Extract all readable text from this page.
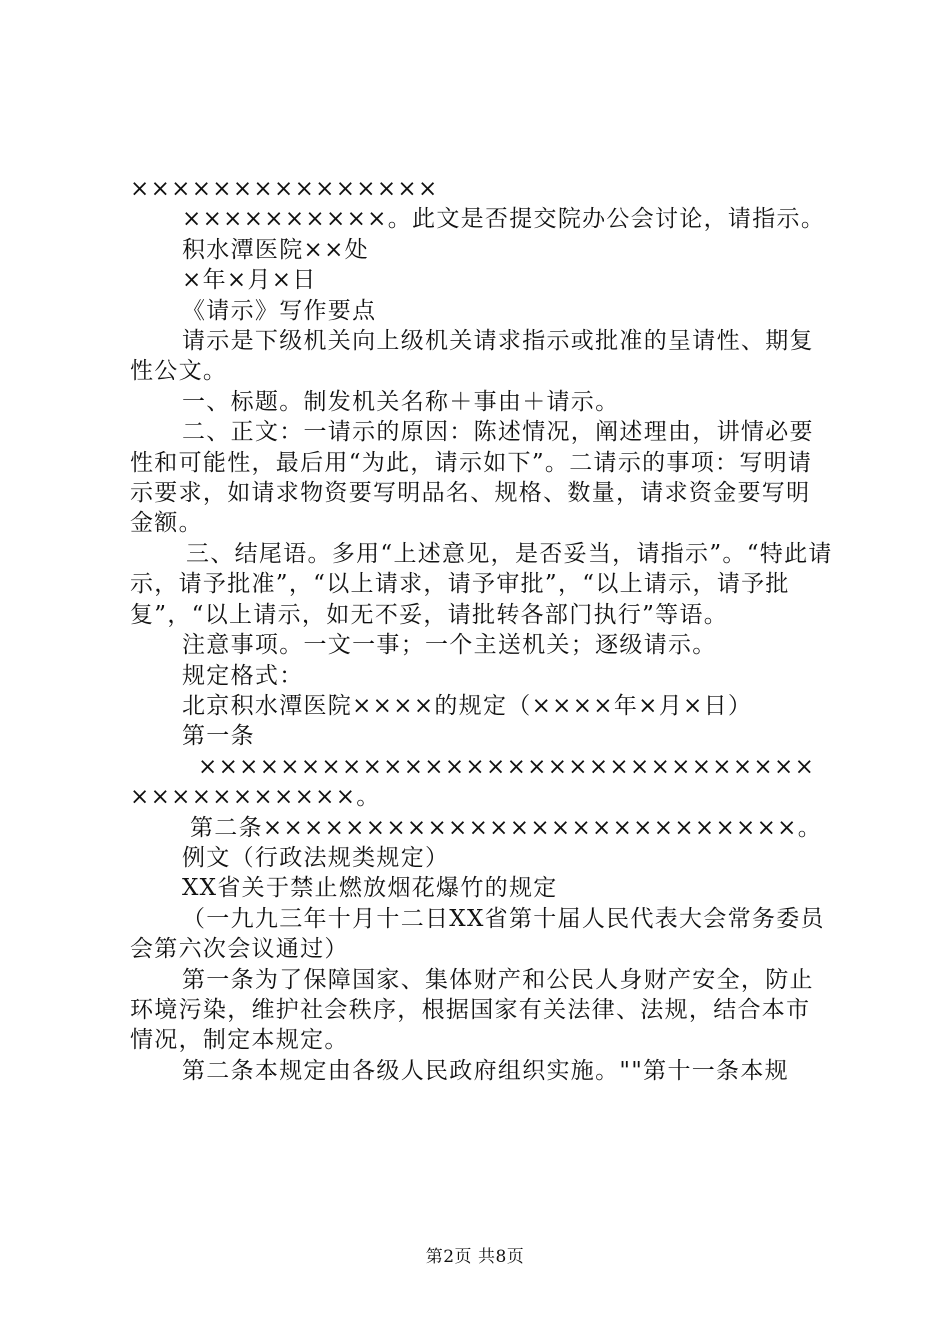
×××××××××××××××

××××××××××。此文是否提交院办公会讨论，请指示。

积水潭医院××处

×年×月×日

《请示》写作要点

请示是下级机关向上级机关请求指示或批准的呈请性、期复性公文。

一、标题。制发机关名称＋事由＋请示。

二、正文：一请示的原因：陈述情况，阐述理由，讲情必要性和可能性，最后用“为此，请示如下”。二请示的事项：写明请示要求，如请求物资要写明品名、规格、数量，请求资金要写明金额。

三、结尾语。多用“上述意见，是否妥当，请指示”。“特此请示，请予批准”，“以上请求，请予审批”，“以上请示，请予批复”，“以上请示，如无不妥，请批转各部门执行”等语。

注意事项。一文一事；一个主送机关；逐级请示。

规定格式：

北京积水潭医院××××的规定（××××年×月×日）

第一条

×××××××××××××××××××××××××××××××××××××××××。

第二条××××××××××××××××××××××××××。

例文（行政法规类规定）

XX省关于禁止燃放烟花爆竹的规定

（一九九三年十月十二日XX省第十届人民代表大会常务委员会第六次会议通过）

第一条为了保障国家、集体财产和公民人身财产安全，防止环境污染，维护社会秩序，根据国家有关法律、法规，结合本市情况，制定本规定。

第二条本规定由各级人民政府组织实施。""第十一条本规

第2页 共8页
